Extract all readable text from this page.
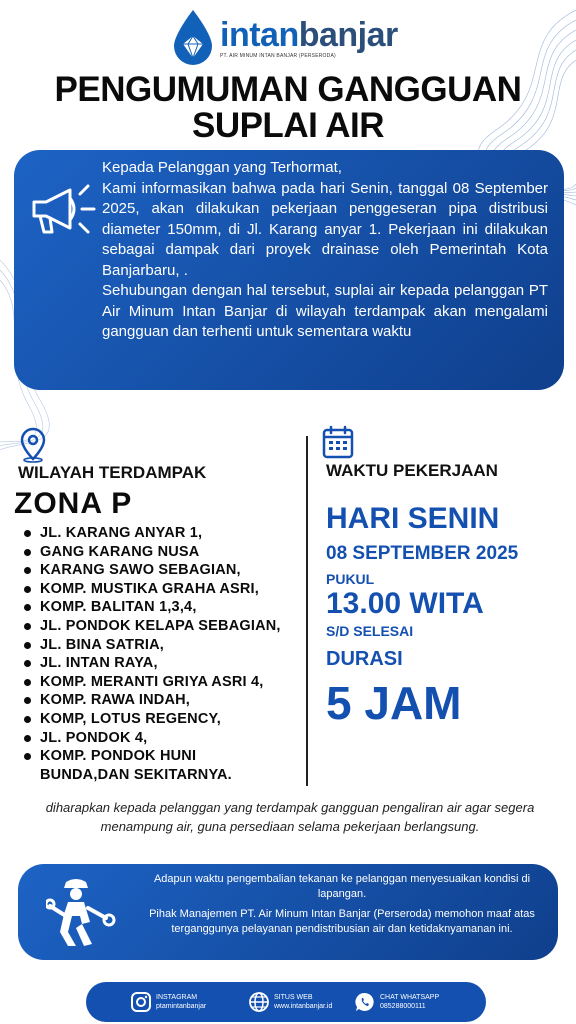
intanbanjar
PT. AIR MINUM INTAN BANJAR (PERSERODA)
PENGUMUMAN GANGGUAN
SUPLAI AIR

Kepada Pelanggan yang Terhormat,
Kami informasikan bahwa pada hari Senin, tanggal 08 September 2025, akan dilakukan pekerjaan penggeseran pipa distribusi diameter 150mm, di Jl. Karang anyar 1. Pekerjaan ini dilakukan sebagai dampak dari proyek drainase oleh Pemerintah Kota Banjarbaru, .

Sehubungan dengan hal tersebut, suplai air kepada pelanggan PT Air Minum Intan Banjar di wilayah terdampak akan mengalami gangguan dan terhenti untuk sementara waktu

WILAYAH TERDAMPAK
ZONA P
JL. KARANG ANYAR 1,
GANG KARANG NUSA
KARANG SAWO SEBAGIAN,
KOMP. MUSTIKA GRAHA ASRI,
KOMP. BALITAN 1,3,4,
JL. PONDOK KELAPA SEBAGIAN,
JL. BINA SATRIA,
JL. INTAN RAYA,
KOMP. MERANTI GRIYA ASRI 4,
KOMP. RAWA INDAH,
KOMP, LOTUS REGENCY,
JL. PONDOK 4,
KOMP. PONDOK HUNI
BUNDA,DAN SEKITARNYA.
WAKTU PEKERJAAN
HARI SENIN
08 SEPTEMBER 2025
PUKUL
13.00 WITA
S/D SELESAI
DURASI
5 JAM
diharapkan kepada pelanggan yang terdampak gangguan pengaliran air agar segera menampung air, guna persediaan selama pekerjaan berlangsung.

Adapun waktu pengembalian tekanan ke pelanggan menyesuaikan kondisi di lapangan.

Pihak Manajemen PT. Air Minum Intan Banjar (Perseroda) memohon maaf atas terganggunya pelayanan pendistribusian air dan ketidaknyamanan ini.

INSTAGRAM
ptamintanbanjar
SITUS WEB
www.intanbanjar.id
CHAT WHATSAPP
085288000111
